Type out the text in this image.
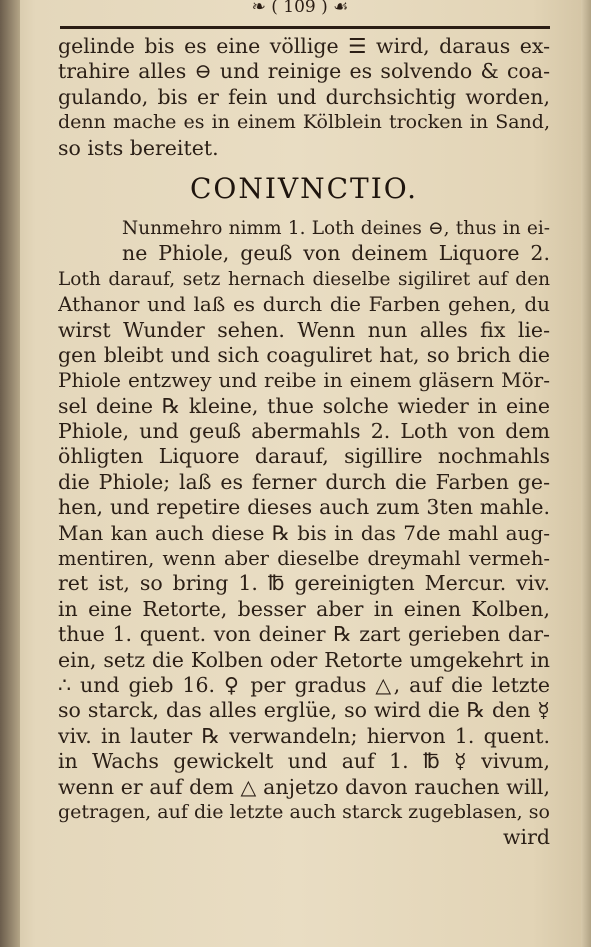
❧ ( 109 ) ☙
gelinde bis es eine völlige ☰ wird, daraus ex-
trahire alles ⊖ und reinige es solvendo & coa-
gulando, bis er fein und durchsichtig worden,
denn mache es in einem Kölblein trocken in Sand,
so ists bereitet.
CONIVNCTIO.
Nunmehro nimm 1. Loth deines ⊖, thus in ei-
ne Phiole, geuß von deinem Liquore 2.
Loth darauf, setz hernach dieselbe sigiliret auf den
Athanor und laß es durch die Farben gehen, du
wirst Wunder sehen. Wenn nun alles fix lie-
gen bleibt und sich coaguliret hat, so brich die
Phiole entzwey und reibe in einem gläsern Mör-
sel deine ℞ kleine, thue solche wieder in eine
Phiole, und geuß abermahls 2. Loth von dem
öhligten Liquore darauf, sigillire nochmahls
die Phiole; laß es ferner durch die Farben ge-
hen, und repetire dieses auch zum 3ten mahle.
Man kan auch diese ℞ bis in das 7de mahl aug-
mentiren, wenn aber dieselbe dreymahl vermeh-
ret ist, so bring 1. ℔ gereinigten Mercur. viv.
in eine Retorte, besser aber in einen Kolben,
thue 1. quent. von deiner ℞ zart gerieben dar-
ein, setz die Kolben oder Retorte umgekehrt in
∴ und gieb 16. ♀ per gradus △, auf die letzte
so starck, das alles erglüe, so wird die ℞ den ☿
viv. in lauter ℞ verwandeln; hiervon 1. quent.
in Wachs gewickelt und auf 1. ℔ ☿ vivum,
wenn er auf dem △ anjetzo davon rauchen will,
getragen, auf die letzte auch starck zugeblasen, so
wird
